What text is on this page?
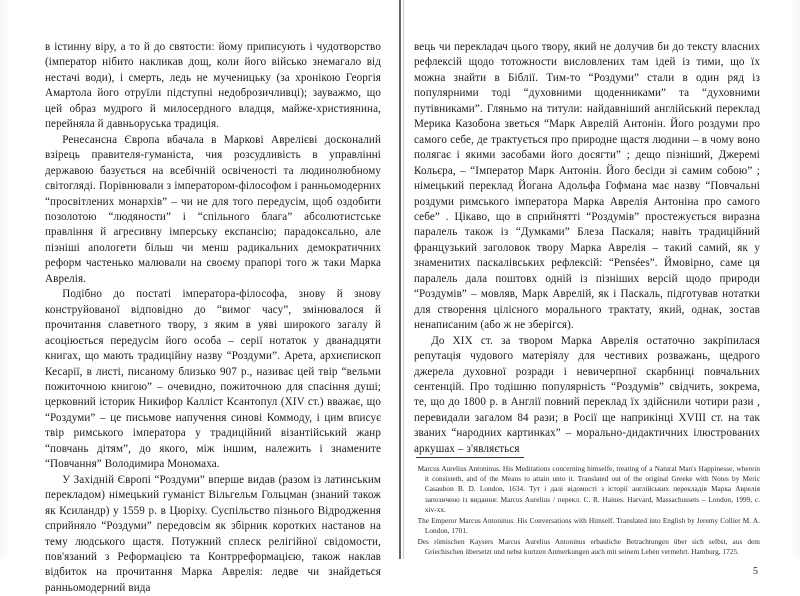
в істинну віру, а то й до святости: йому приписують і чудотворство (імператор нібито накликав дощ, коли його військо знемагало від нестачі води), і смерть, ледь не мученицьку (за хронікою Георгія Амартола його отруїли підступні недоброзичливці); зауважмо, що цей образ мудрого й милосердного владця, майже-християнина, перейняла й давньоруська традиція.

Ренесансна Європа вбачала в Маркові Аврелієві досконалий взірець правителя-гуманіста, чия розсудливість в управлінні державою базується на всебічній освіченості та людинолюбному світогляді. Порівнювали з імператором-філософом і ранньомодерних “просвітлених монархів” – чи не для того передусім, щоб оздобити позолотою “людяности” і “спільного блага” абсолютистське правління й агресивну імперську експансію; парадоксально, але пізніші апологети більш чи менш радикальних демократичних реформ частенько малювали на своєму прапорі того ж таки Марка Аврелія.

Подібно до постаті імператора-філософа, знову й знову конструйованої відповідно до “вимог часу”, змінювалося й прочитання славетного твору, з яким в уяві широкого загалу й асоціюється передусім його особа – серії нотаток у дванадцяти книгах, що мають традиційну назву “Роздуми”. Арета, архиєпископ Кесарії, в листі, писаному близько 907 р., називає цей твір “вельми пожиточною книгою” – очевидно, пожиточною для спасіння душі; церковний історик Никифор Калліст Ксантопул (XIV ст.) вважає, що “Роздуми” – це письмове напучення синові Коммоду, і цим вписує твір римського імператора у традиційний візантійський жанр “повчань дітям”, до якого, між іншим, належить і знамените “Повчання” Володимира Мономаха.

У Західній Європі “Роздуми” вперше видав (разом із латинським перекладом) німецький гуманіст Вільгельм Гольцман (знаний також як Ксиландр) у 1559 р. в Цюріху. Суспільство пізнього Відродження сприйняло “Роздуми” передовсім як збірник коротких настанов на тему людського щастя. Потужний сплеск релігійної свідомости, пов'язаний з Реформацією та Контрреформацією, також наклав відбиток на прочитання Марка Аврелія: ледве чи знайдеться ранньомодерний вида

вець чи перекладач цього твору, який не долучив би до тексту власних рефлексій щодо тотожности висловлених там ідей із тими, що їх можна знайти в Біблії. Тим-то “Роздуми” стали в один ряд із популярними тоді “духовними щоденниками” та “духовними путівниками”. Гляньмо на титули: найдавніший англійський переклад Мерика Казобона зветься “Марк Аврелій Антонін. Його роздуми про самого себе, де трактується про природне щастя людини – в чому воно полягає і якими засобами його досягти” ; дещо пізніший, Джеремі Кольєра, – “Імператор Марк Антонін. Його бесіди зі самим собою” ; німецький переклад Йогана Адольфа Гофмана має назву “Повчальні роздуми римського імператора Марка Аврелія Антоніна про самого себе” . Цікаво, що в сприйнятті “Роздумів” простежується виразна паралель також із “Думками” Блеза Паскаля; навіть традиційний французький заголовок твору Марка Аврелія – такий самий, як у знаменитих паскалівських рефлексій: “Pensées”. Ймовірно, саме ця паралель дала поштовх одній із пізніших версій щодо природи “Роздумів” – мовляв, Марк Аврелій, як і Паскаль, підготував нотатки для створення цілісного морального трактату, який, однак, зостав ненаписаним (або ж не зберігся).

До XIX ст. за твором Марка Аврелія остаточно закріпилася репутація чудового матеріялу для честивих розважань, щедрого джерела духовної розради і невичерпної скарбниці повчальних сентенцій. Про тодішню популярність “Роздумів” свідчить, зокрема, те, що до 1800 р. в Англії повний переклад їх здійснили чотири рази , перевидали загалом 84 рази; в Росії ще наприкінці XVIII ст. на так званих “народних картинках” – морально-дидактичних ілюстрованих аркушах – з'являється

Marcus Aurelius Antoninus. His Meditations concerning himselfe, treating of a Natural Man's Happinesse, wherein it consisteth, and of the Means to attain unto it. Translated out of the original Greeke with Notes by Meric Casaubon B. D. London, 1634. Тут і далі відомості з історії англійських перекладів Марка Аврелія запозичено із видання: Marcus Aurelius / перекл. C. R. Haines. Harvard, Massachussets – London, 1999, с. xiv-xx.

The Emperor Marcus Antoninus. His Conversations with Himself. Translated into English by Jeremy Collier M. A. London, 1701.

Des römischen Kaysers Marcus Aurelius Antoninus erbauliche Betrachtungen über sich selbst, aus dem Griechischen übersetzt und nebst kurtzen Anmerkungen auch mit seinem Leben vermehrt. Hamburg, 1725.

5
